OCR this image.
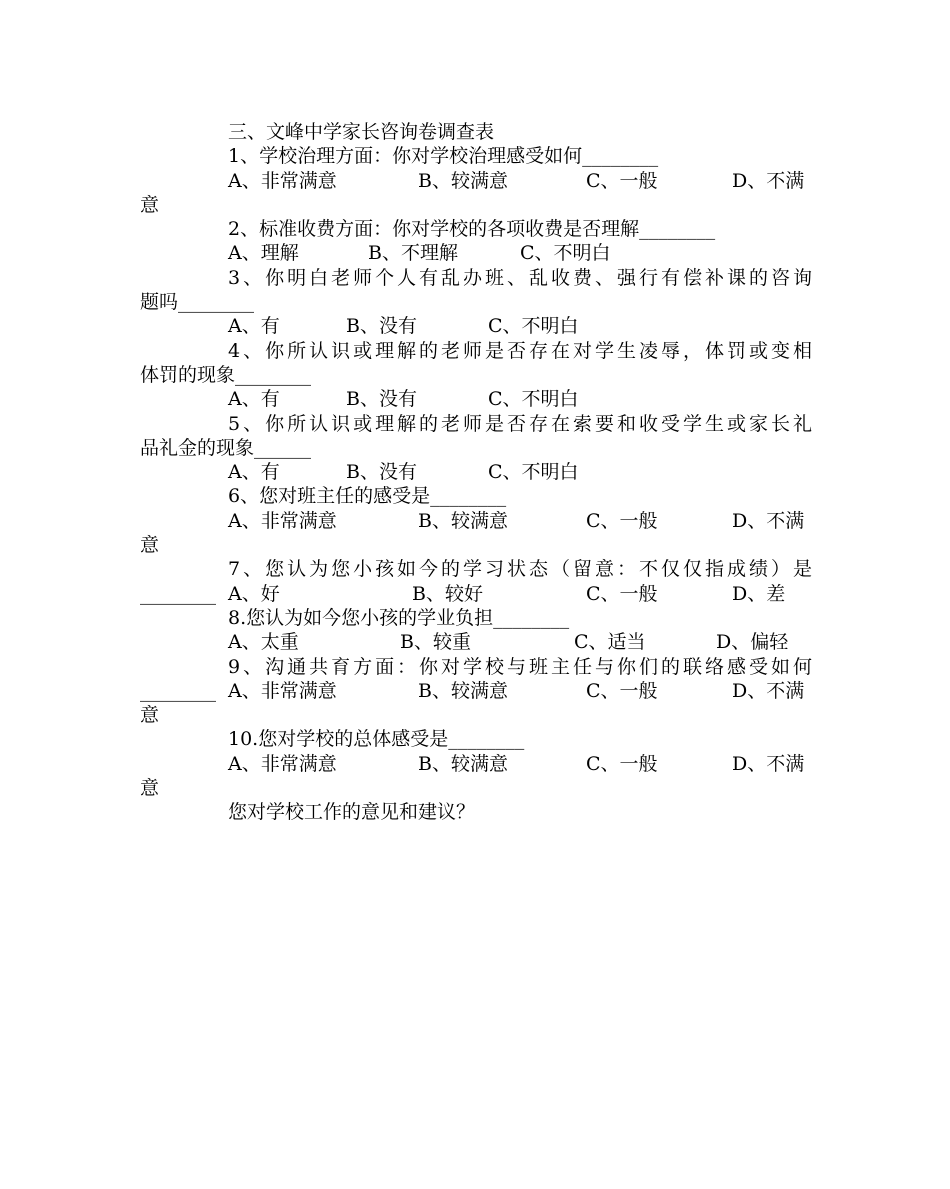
三、文峰中学家长咨询卷调查表
1、学校治理方面：你对学校治理感受如何________
A、非常满意	B、较满意	C、一般	D、不满
意
2、标准收费方面：你对学校的各项收费是否理解________
A、理解	B、不理解	C、不明白
3、你明白老师个人有乱办班、乱收费、强行有偿补课的咨询
题吗________
A、有	B、没有	C、不明白
4、你所认识或理解的老师是否存在对学生凌辱，体罚或变相
体罚的现象________
A、有	B、没有	C、不明白
5、你所认识或理解的老师是否存在索要和收受学生或家长礼
品礼金的现象______
A、有	B、没有	C、不明白
6、您对班主任的感受是________
A、非常满意	B、较满意	C、一般	D、不满
意
7、您认为您小孩如今的学习状态（留意：不仅仅指成绩）是
________ A、好	B、较好	C、一般	D、差
8.您认为如今您小孩的学业负担________
A、太重	B、较重	C、适当	D、偏轻
9、沟通共育方面：你对学校与班主任与你们的联络感受如何
________ A、非常满意	B、较满意	C、一般	D、不满
意
10.您对学校的总体感受是________
A、非常满意	B、较满意	C、一般	D、不满
意
您对学校工作的意见和建议？
